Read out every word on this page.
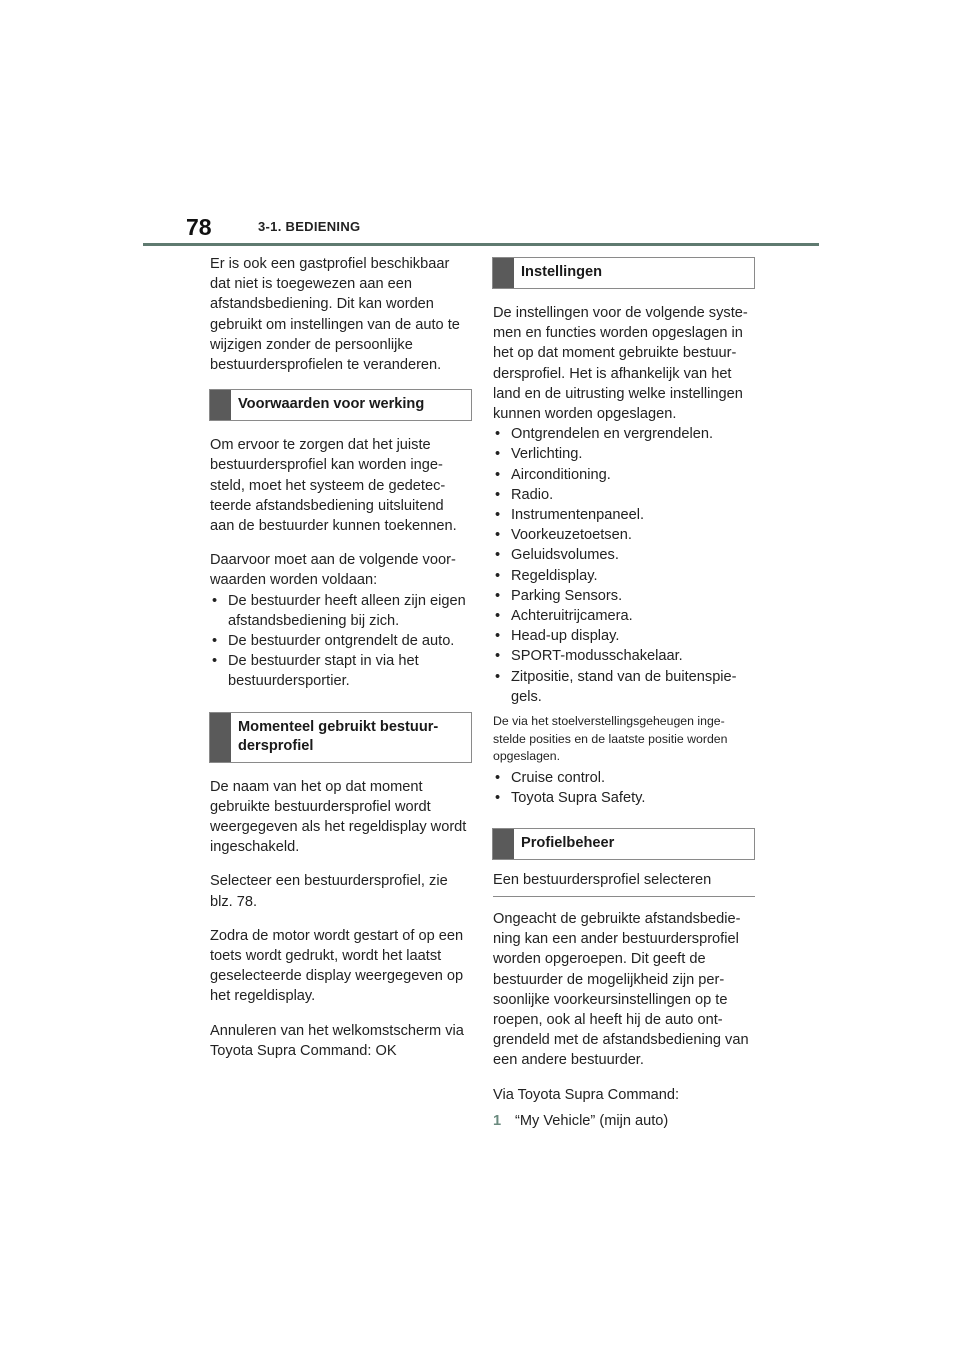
78	3-1. BEDIENING

Er is ook een gastprofiel beschikbaar dat niet is toegewezen aan een afstandsbediening. Dit kan worden gebruikt om instellingen van de auto te wijzigen zonder de persoonlijke bestuurdersprofielen te veranderen.

Voorwaarden voor werking

Om ervoor te zorgen dat het juiste bestuurdersprofiel kan worden inge-steld, moet het systeem de gedetec-teerde afstandsbediening uitsluitend aan de bestuurder kunnen toekennen.

Daarvoor moet aan de volgende voor-waarden worden voldaan:

• De bestuurder heeft alleen zijn eigen afstandsbediening bij zich.
• De bestuurder ontgrendelt de auto.
• De bestuurder stapt in via het bestuurdersportier.
Momenteel gebruikt bestuur-dersprofiel

De naam van het op dat moment gebruikte bestuurdersprofiel wordt weergegeven als het regeldisplay wordt ingeschakeld.

Selecteer een bestuurdersprofiel, zie blz. 78.

Zodra de motor wordt gestart of op een toets wordt gedrukt, wordt het laatst geselecteerde display weergegeven op het regeldisplay.

Annuleren van het welkomstscherm via Toyota Supra Command: OK

Instellingen

De instellingen voor de volgende syste-men en functies worden opgeslagen in het op dat moment gebruikte bestuur-dersprofiel. Het is afhankelijk van het land en de uitrusting welke instellingen kunnen worden opgeslagen.

• Ontgrendelen en vergrendelen.
• Verlichting.
• Airconditioning.
• Radio.
• Instrumentenpaneel.
• Voorkeuzetoetsen.
• Geluidsvolumes.
• Regeldisplay.
• Parking Sensors.
• Achteruitrijcamera.
• Head-up display.
• SPORT-modusschakelaar.
• Zitpositie, stand van de buitenspie-gels.

De via het stoelverstellingsgeheugen inge-stelde posities en de laatste positie worden opgeslagen.

• Cruise control.
• Toyota Supra Safety.
Profielbeheer
Een bestuurdersprofiel selecteren

Ongeacht de gebruikte afstandsbedie-ning kan een ander bestuurdersprofiel worden opgeroepen. Dit geeft de bestuurder de mogelijkheid zijn per-soonlijke voorkeursinstellingen op te roepen, ook al heeft hij de auto ont-grendeld met de afstandsbediening van een andere bestuurder.

Via Toyota Supra Command:

1 “My Vehicle” (mijn auto)
